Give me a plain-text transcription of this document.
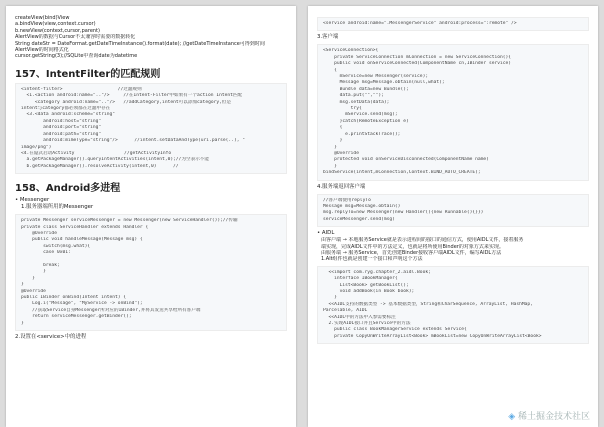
createView(bind)View
a.bindView(view,context.cursor)
b.newView(context,cursor,parent)
AlertView的数据与Cursor不太兼容时需要的数据转化
String dateStr = DateFormat.getDateTimeInstance().format(date); //getDateTimeInstance可得到时间
AlertView的时间格式化
cursor.getString(3);//SQLite中查询date为datetime
157、IntentFilter的匹配规则
<intent-filter>                    //过滤规则
<1.<action android:name=".."/>     //在Intent-Filter中如果有一个action Intent匹配
<category android:name=".."/>   //addCategory,intent可以添加category,但是
intent与category都必须都在过滤中存在
<3.<data android:scheme="string"
android:host="string"
android:port="string"
android:path="string"
android:mimeType="string"/>      //intent.setDataAndType(uri.parse(..), "
image/png")
<4.在隐式启动Activity                  //getActivityInfo
a.getPackageManager().queryIntentActivities(intent,0);//为空表示不能
b.getPackageManager().resolveActivity(intent,0)      //
158、Android多进程
• Messenger
1.服务器端所用的Messenger
private Messenger serviceMessenger = new Messenger(new ServiceHandler());//传输
private class ServiceHandler extends Handler {
@Override
public void handleMessage(Message msg) {
switch(msg.what){
case 0x01:

break;
}
}
}
@Override
public IBinder onBind(Intent intent) {
Log.i("Message", "MyService -> onBind");
//获取Service自身Messenger所对应的IBinder,并将其发送共享给所有客户端
return serviceMessenger.getBinder();
}
2.设置在<service>中的进程
<service android:name=".MessengerService" android:process=":remote" />
3.客户端
<ServiceConnection>{
private ServiceConnection mConnection = new ServiceConnection(){
public void onServiceConnected(ComponentName cn,IBinder service)
{
mService=new Messenger(service);
Message msg=Message.obtain(null,what);
Bundle data=new Bundle();
data.put("","");
msg.setData(data);
try{
mService.send(msg);
}catch(RemoteException e)
{
e.printStackTrace();
}
}
@Override
protected void onServiceDisconnected(ComponentName name)
}
bindService(intent,mConnection,Context.BIND_AUTO_CREATE);
4.服务端返回客户端
//客户端使用replyTo
Message msg=Message.obtain()
msg.replyTo=new Messenger(new Handler(){new Runnable(){}})
serviceMessenger.send(msg)
• AIDL
由客户端 → 本地服务Service就是表示进程间的接口的通信方式，使用AIDL文件，接着服务
端实现，完成AIDL文件中的方法定义，也就是将所使用Binder的对象方式来实现。
由服务端 → 服务Service，首先创建Binder接收客户端AIDL文件，编写AIDL方法
1.Alt组件也就是创建一个接口和声明这个方法
<<import com.ryg.chapter_2.aidl.Book;
interface IBookManager{
List<Book> getBookList();
void addBook(in Book book);
}
<<AIDL支持的数据类型 -> 基本数据类型，String和CharSequence, ArrayList, HashMap,
Parcelable, AIDL
<<AIDL中的方法中入参需要标注
2.实现AIDL接口并且Service中的方法
public class BookManagerService extends Service{
private CopyOnWriteArrayList<Book> mBookList=new CopyOnWriteArrayList<Book>
◈ 稀土掘金技术社区
